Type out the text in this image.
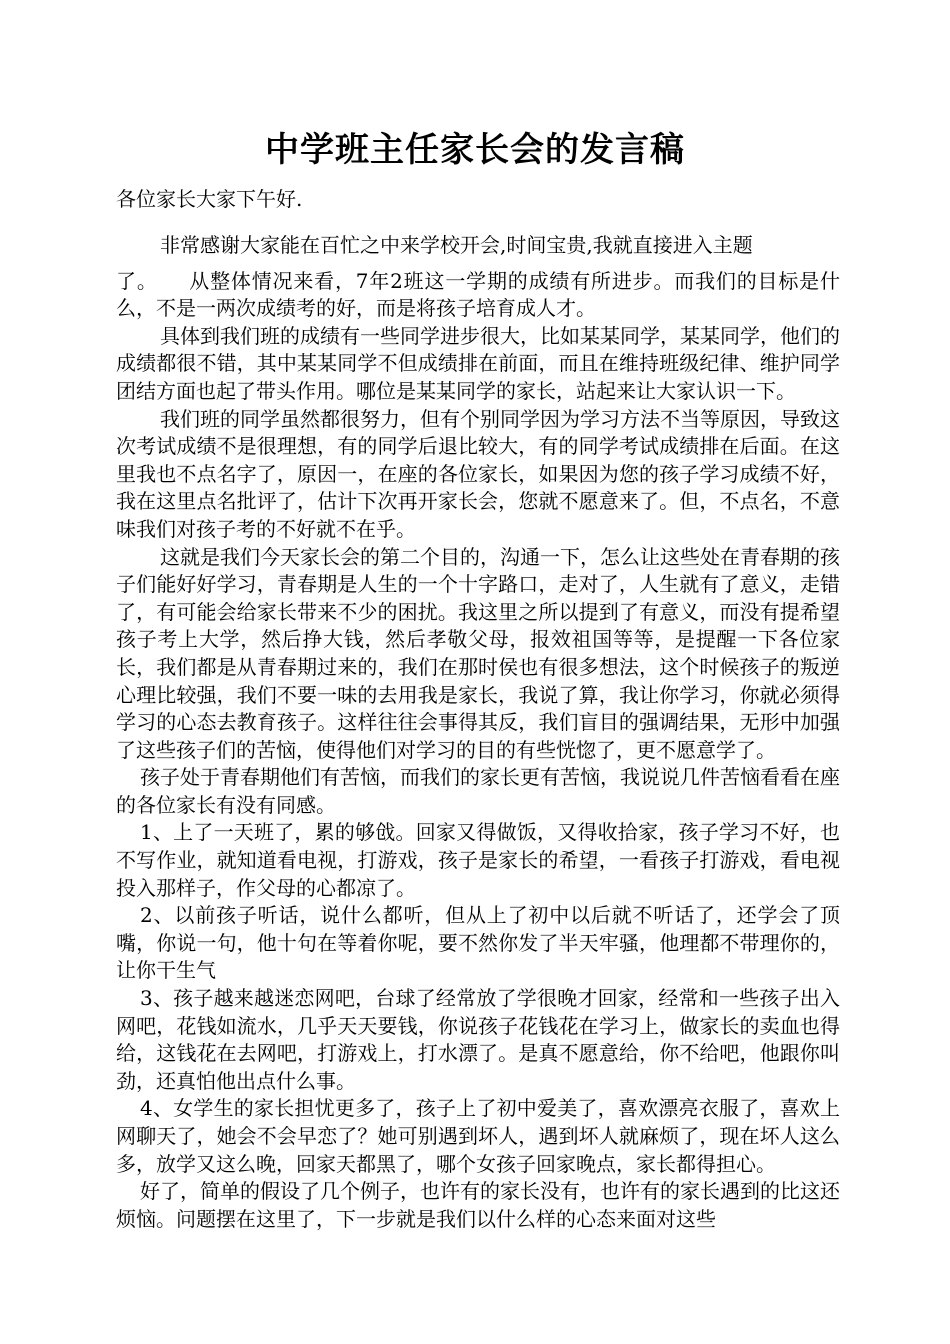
中学班主任家长会的发言稿
各位家长大家下午好.

非常感谢大家能在百忙之中来学校开会,时间宝贵,我就直接进入主题

了。　　从整体情况来看，7年2班这一学期的成绩有所进步。而我们的目标是什么，不是一两次成绩考的好，而是将孩子培育成人才。

具体到我们班的成绩有一些同学进步很大，比如某某同学，某某同学，他们的成绩都很不错，其中某某同学不但成绩排在前面，而且在维持班级纪律、维护同学团结方面也起了带头作用。哪位是某某同学的家长，站起来让大家认识一下。

我们班的同学虽然都很努力，但有个别同学因为学习方法不当等原因，导致这次考试成绩不是很理想，有的同学后退比较大，有的同学考试成绩排在后面。在这里我也不点名字了，原因一，在座的各位家长，如果因为您的孩子学习成绩不好，我在这里点名批评了，估计下次再开家长会，您就不愿意来了。但，不点名，不意味我们对孩子考的不好就不在乎。

这就是我们今天家长会的第二个目的，沟通一下，怎么让这些处在青春期的孩子们能好好学习，青春期是人生的一个十字路口，走对了，人生就有了意义，走错了，有可能会给家长带来不少的困扰。我这里之所以提到了有意义，而没有提希望孩子考上大学，然后挣大钱，然后孝敬父母，报效祖国等等，是提醒一下各位家长，我们都是从青春期过来的，我们在那时侯也有很多想法，这个时候孩子的叛逆心理比较强，我们不要一味的去用我是家长，我说了算，我让你学习，你就必须得学习的心态去教育孩子。这样往往会事得其反，我们盲目的强调结果，无形中加强了这些孩子们的苦恼，使得他们对学习的目的有些恍惚了，更不愿意学了。

孩子处于青春期他们有苦恼，而我们的家长更有苦恼，我说说几件苦恼看看在座的各位家长有没有同感。

1、上了一天班了，累的够戗。回家又得做饭，又得收拾家，孩子学习不好，也不写作业，就知道看电视，打游戏，孩子是家长的希望，一看孩子打游戏，看电视投入那样子，作父母的心都凉了。

2、以前孩子听话，说什么都听，但从上了初中以后就不听话了，还学会了顶嘴，你说一句，他十句在等着你呢，要不然你发了半天牢骚，他理都不带理你的，让你干生气

3、孩子越来越迷恋网吧，台球了经常放了学很晚才回家，经常和一些孩子出入网吧，花钱如流水，几乎天天要钱，你说孩子花钱花在学习上，做家长的卖血也得给，这钱花在去网吧，打游戏上，打水漂了。是真不愿意给，你不给吧，他跟你叫劲，还真怕他出点什么事。

4、女学生的家长担忧更多了，孩子上了初中爱美了，喜欢漂亮衣服了，喜欢上网聊天了，她会不会早恋了？她可别遇到坏人，遇到坏人就麻烦了，现在坏人这么多，放学又这么晚，回家天都黑了，哪个女孩子回家晚点，家长都得担心。

好了，简单的假设了几个例子，也许有的家长没有，也许有的家长遇到的比这还烦恼。问题摆在这里了，下一步就是我们以什么样的心态来面对这些
